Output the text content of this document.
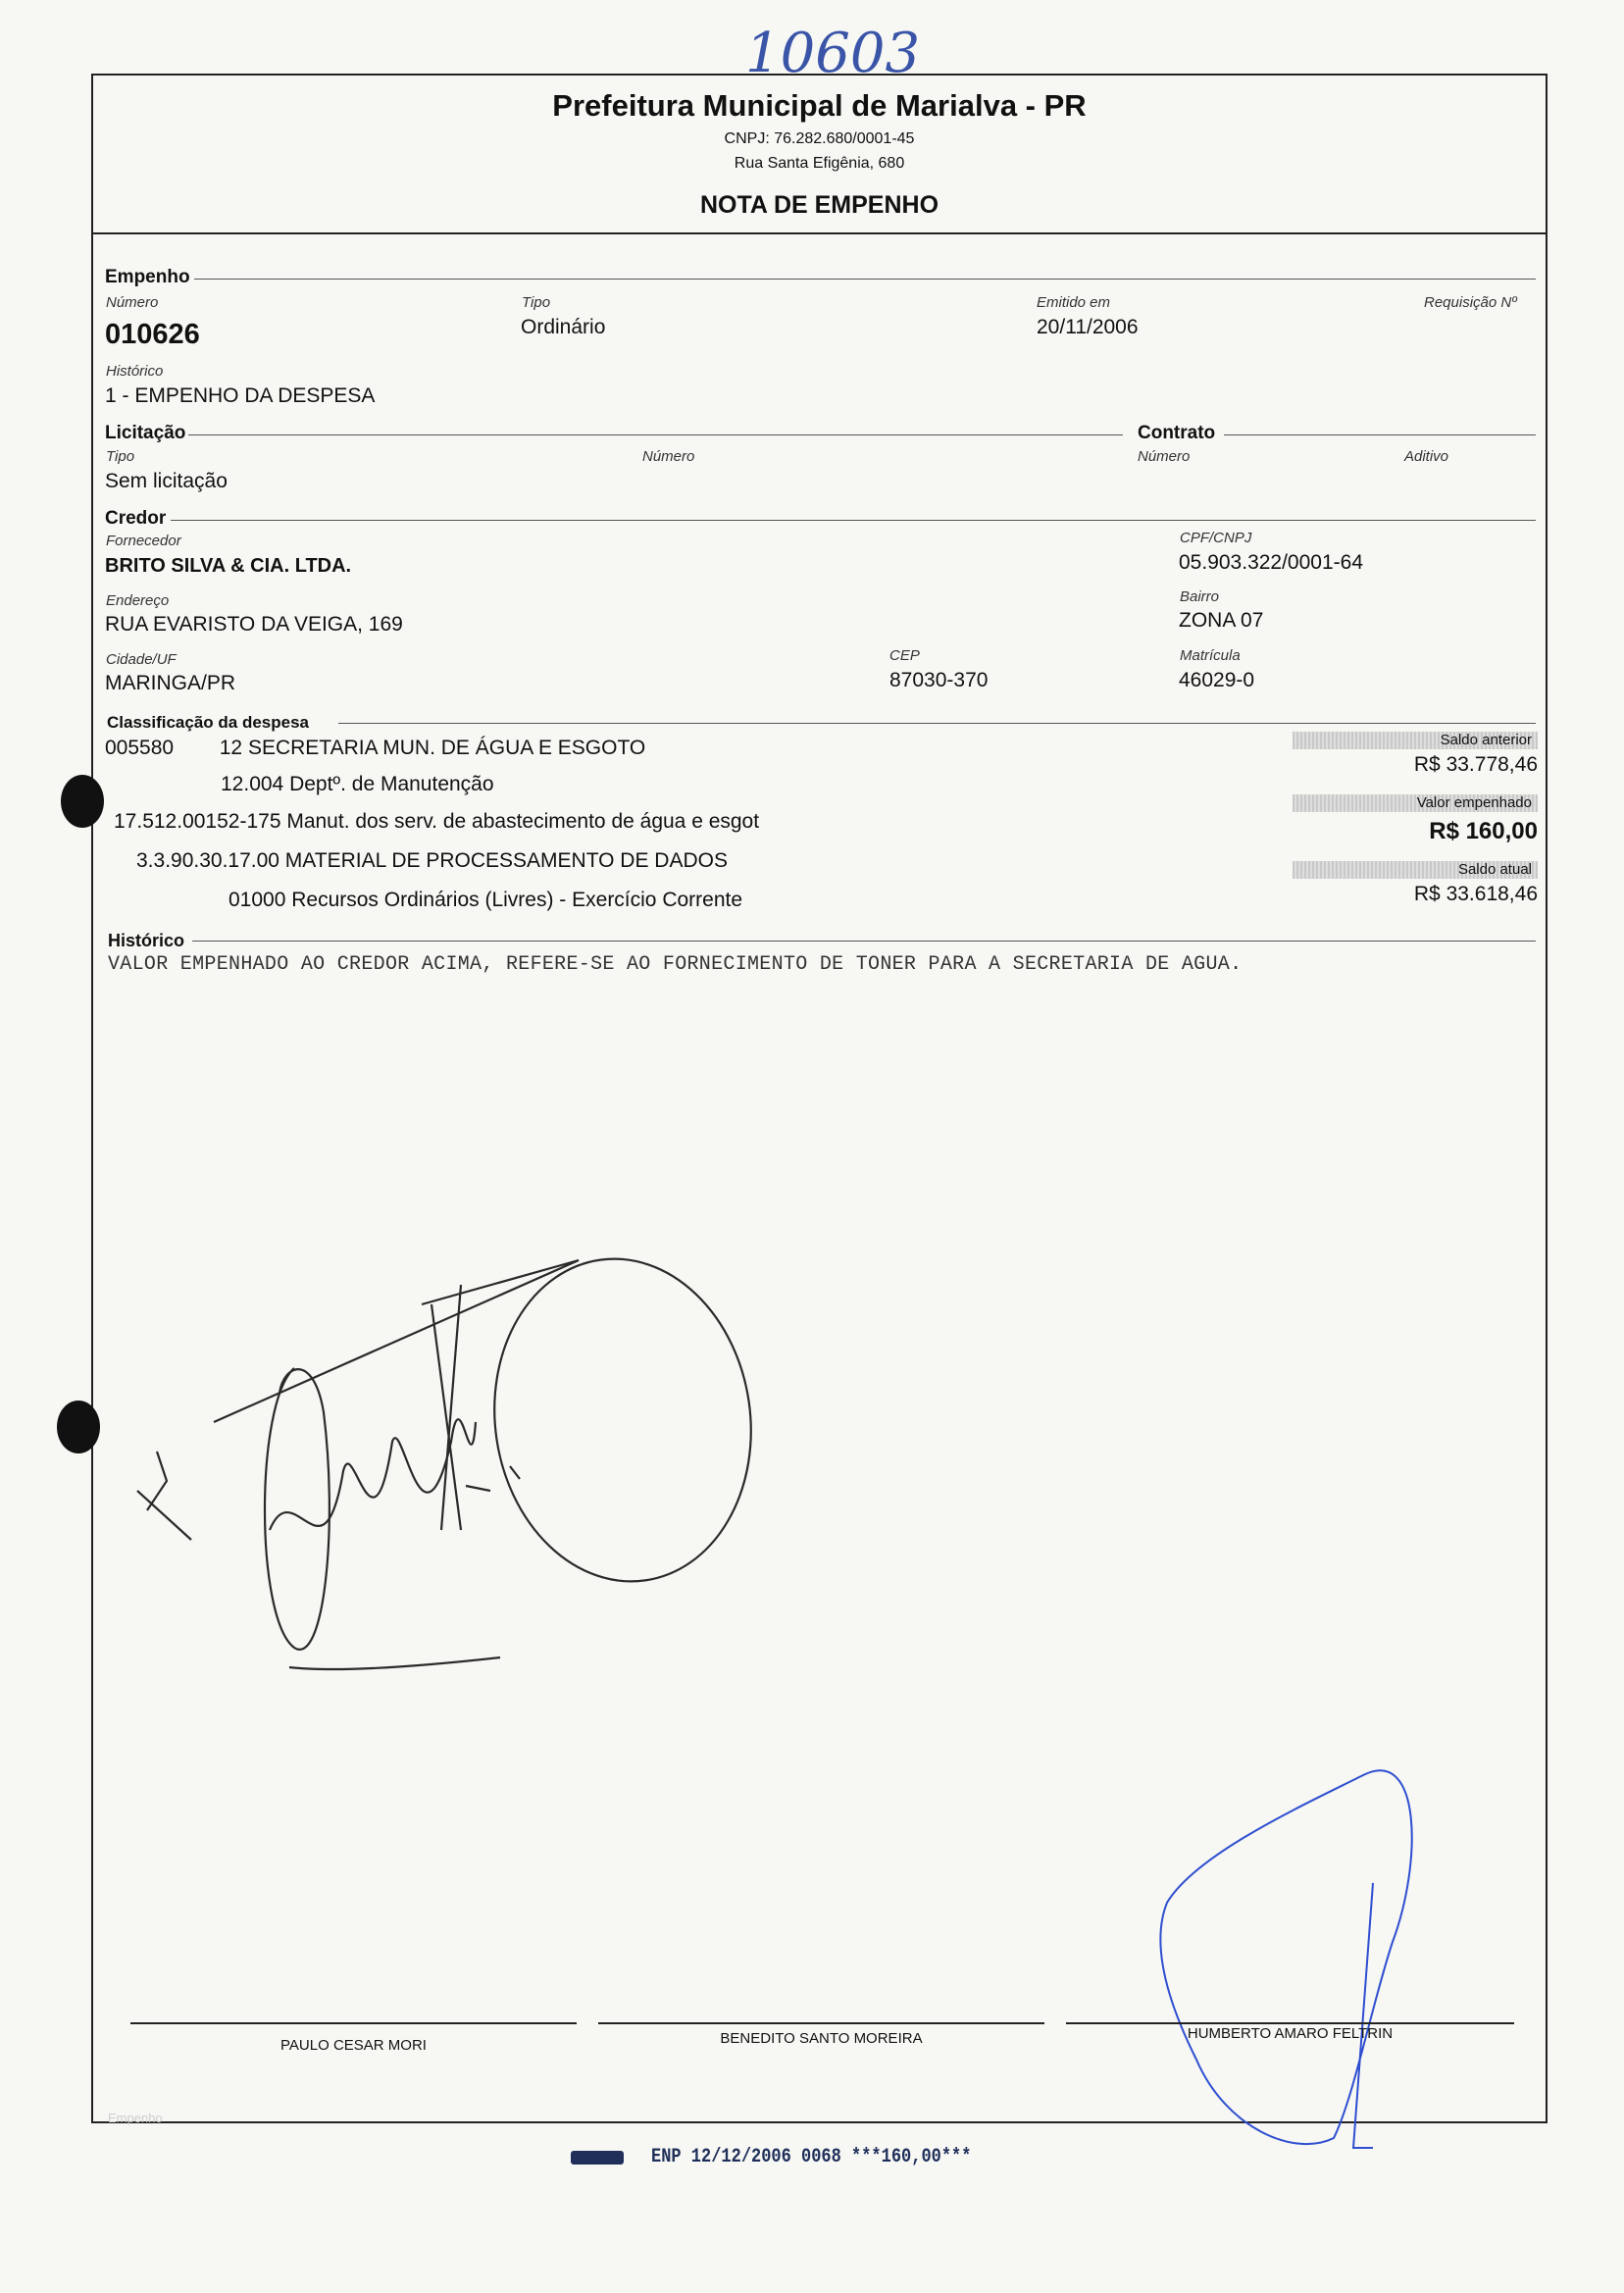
10603
Prefeitura Municipal de Marialva - PR
CNPJ: 76.282.680/0001-45
Rua Santa Efigênia, 680
NOTA DE EMPENHO
Empenho
Número
010626
Tipo
Ordinário
Emitido em
20/11/2006
Requisição Nº
Histórico
1 - EMPENHO DA DESPESA
Licitação
Tipo
Sem licitação
Número
Contrato
Número	Aditivo
Credor
Fornecedor
BRITO SILVA & CIA. LTDA.
CPF/CNPJ
05.903.322/0001-64
Endereço
RUA EVARISTO DA VEIGA, 169
Bairro
ZONA 07
Cidade/UF
MARINGA/PR
CEP
87030-370
Matrícula
46029-0
Classificação da despesa
005580        12 SECRETARIA MUN. DE ÁGUA E ESGOTO
12.004 Deptº. de Manutenção
17.512.00152-175 Manut. dos serv. de abastecimento de água e esgot
3.3.90.30.17.00 MATERIAL DE PROCESSAMENTO DE DADOS
01000 Recursos Ordinários (Livres) - Exercício Corrente
Saldo anterior
R$ 33.778,46
Valor empenhado
R$ 160,00
Saldo atual
R$ 33.618,46
Histórico
VALOR EMPENHADO AO CREDOR ACIMA, REFERE-SE AO FORNECIMENTO DE TONER PARA A SECRETARIA DE AGUA.
PAULO CESAR MORI	BENEDITO SANTO MOREIRA	HUMBERTO AMARO FELTRIN
Empenho
ENP 12/12/2006 0068 ***160,00***
